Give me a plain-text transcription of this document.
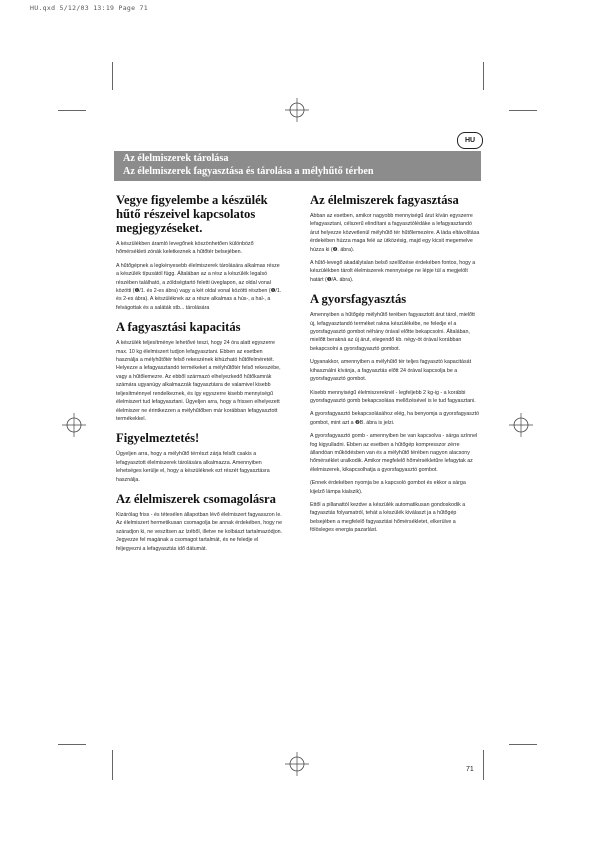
HU.qxd 5/12/03 13:19 Page 71
HU
Az élelmiszerek tárolása
Az élelmiszerek fagyasztása és tárolása a mélyhűtő térben
Vegye figyelembe a készülék hűtő részeivel kapcsolatos megjegyzéseket.

A készülékben áramló levegőnek köszönhetően különböző hőmérsékleti zónák keletkeznek a hűtőtér belsejében.

A hűtőgépnek a legkényesebb élelmiszerek tárolására alkalmas része a készülék típusától függ. Általában az a rész a készülék legalsó részében található, a zöldségtartó feletti üveglapon, az oldal vonal közötti (❶/1. és 2-es ábra) vagy a két oldal vonal közötti részben (❶/1. és 2-es ábra). A készüléknek az a része alkalmas a hús-, a hal-, a felvágottak és a saláták stb... tárolására

A fagyasztási kapacitás

A készülék teljesítménye lehetővé teszi, hogy 24 óra alatt egyszerre max. 10 kg élelmiszert tudjon lefagyasztani. Ebben az esetben használja a mélyhűtőtér felső rekeszének kihúzható hűtőfelméretét. Helyezze a lefagyasztandó termékeket a mélyhűtőtér felső rekeszébe, vagy a hűtőlemezre. Az ebből származó elhelyezkedő hűtőkamrák számára ugyanúgy alkalmazzák fagyasztásra de valamivel kisebb teljesítménnyel rendelkeznek, és így egyszerre kisebb mennyiségű élelmiszert tud lefagyasztani. Ügyeljen arra, hogy a frissen elhelyezett élelmiszer ne érintkezzen a mélyhűtőben már korábban lefagyasztott termékekkel.

Figyelmeztetés!

Ügyeljen arra, hogy a mélyhűtő térrészt zárja felsőt csakis a lefagyasztott élelmiszerek tárolására alkalmazza. Amennyiben lehetséges kerülje el, hogy a készüléknek ezt részét fagyasztásra használja.

Az élelmiszerek csomagolásra

Kizárólag friss - és tétesélen állapotban lévő élelmiszert fagyasszon le. Az élelmiszert hermetikusan csomagolja be annak érdekében, hogy ne száradjon ki, ne veszítsen az ízéből, illetve ne kolbászt tartalmazódjon. Jegyezze fel magának a csomagot tartalmát, és ne feledje el feljegyezni a lefagyasztás idő dátumát.

Az élelmiszerek fagyasztása

Abban az esetben, amikor nagyobb mennyiségű árut kíván egyszerre lefagyasztani, célszerű elindítani a fagyasztólédáke a lefagyasztandó árut helyezze közvetlenül mélyhűtő tér hűtőlemezére. A láda eltávolítása érdekében húzza maga felé az ütközésig, majd egy kicsit megemelve húzza ki (❷. ábra).

A hűtő-levegő akadálytalan belső szellőzése érdekében fontos, hogy a készülékben tárolt élelmiszerek mennyisége ne lépje túl a megjelölt határt (❶/A. ábra).

A gyorsfagyasztás

Amennyiben a hűtőgép mélyhűtő terében fagyasztott árut tárol, mielőtt új, lefagyasztandó terméket rakna készülékébe, ne feledje el a gyorsfagyasztó gombot néhány órával előtte bekapcsolni. Általában, mielőtt berakná az új árut, elegendő kb. négy-öt órával korábban bekapcsolni a gyorsfagyasztó gombot.

Ugyanakkor, amennyiben a mélyhűtő tér teljes fagyasztó kapacitását kihasználni kívánja, a fagyasztás előtt 24 órával kapcsolja be a gyorsfagyasztó gombot.

Kisebb mennyiségű élelmiszereknél - legfeljebb 2 kg-ig - a korábbi gyorsfagyasztó gomb bekapcsolása mellőzésével is le tud fagyasztani.

A gyorsfagyasztó bekapcsolásához elég, ha benyomja a gyorsfagyasztó gombot, mint azt a ❷B. ábra is jelzi.

A gyorsfagyasztó gomb - amennyiben be van kapcsolva - sárga színnel fog kigyulladni. Ebben az esetben a hűtőgép kompresszor zérre állandóan működésben van és a mélyhűtő térében nagyon alacsony hőmérséklet uralkodik. Amikor megfelelő hőmérsékletűre lefagytak az élelmiszerek, kikapcsolhatja a gyorsfagyasztó gombot.

(Ennek érdekében nyomja be a kapcsoló gombot és ekkor a sárga kijelző lámpa kialszik).

Ettől a pillanattól kezdve a készülék automatikusan gondoskodik a fagyasztás folyamatról, tehát a készülék kiválaszt ja a hűtőgép belsejében a megfelelő fagyasztási hőmérsékletet, elkerülve a fölösleges energia pazarlást.

71
